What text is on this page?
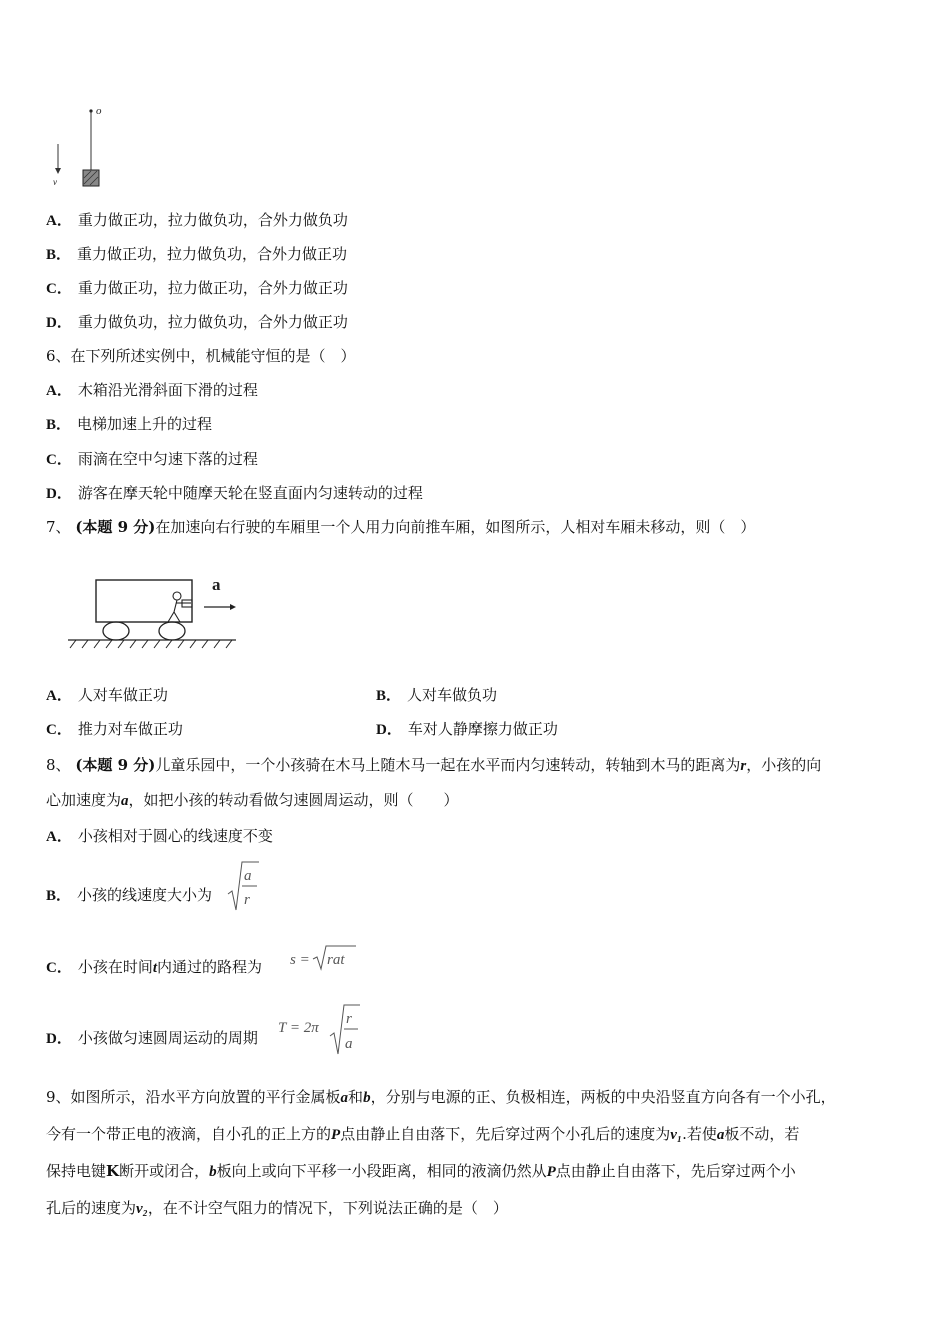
o
v
A． 重力做正功，拉力做负功，合外力做负功
B． 重力做正功，拉力做负功，合外力做正功
C． 重力做正功，拉力做正功，合外力做正功
D． 重力做负功，拉力做负功，合外力做正功
6、在下列所述实例中，机械能守恒的是（　）
A． 木箱沿光滑斜面下滑的过程
B． 电梯加速上升的过程
C． 雨滴在空中匀速下落的过程
D． 游客在摩天轮中随摩天轮在竖直面内匀速转动的过程
7、 (本题 9 分)在加速向右行驶的车厢里一个人用力向前推车厢，如图所示，人相对车厢未移动，则（　）
a
A． 人对车做正功	B． 人对车做负功
C． 推力对车做正功	D． 车对人静摩擦力做正功
8、 (本题 9 分)儿童乐园中，一个小孩骑在木马上随木马一起在水平而内匀速转动，转轴到木马的距离为r，小孩的向
心加速度为a，如把小孩的转动看做匀速圆周运动，则（　　）
A． 小孩相对于圆心的线速度不变
B． 小孩的线速度大小为
a
r
C． 小孩在时间t内通过的路程为 s = rat
D． 小孩做匀速圆周运动的周期
T = 2π
r
a
9、如图所示，沿水平方向放置的平行金属板a和b，分别与电源的正、负极相连，两板的中央沿竖直方向各有一个小孔，
今有一个带正电的液滴，自小孔的正上方的P点由静止自由落下，先后穿过两个小孔后的速度为v₁.若使a板不动，若
保持电键K断开或闭合，b板向上或向下平移一小段距离，相同的液滴仍然从P点由静止自由落下，先后穿过两个小
孔后的速度为v₂，在不计空气阻力的情况下，下列说法正确的是（　）
